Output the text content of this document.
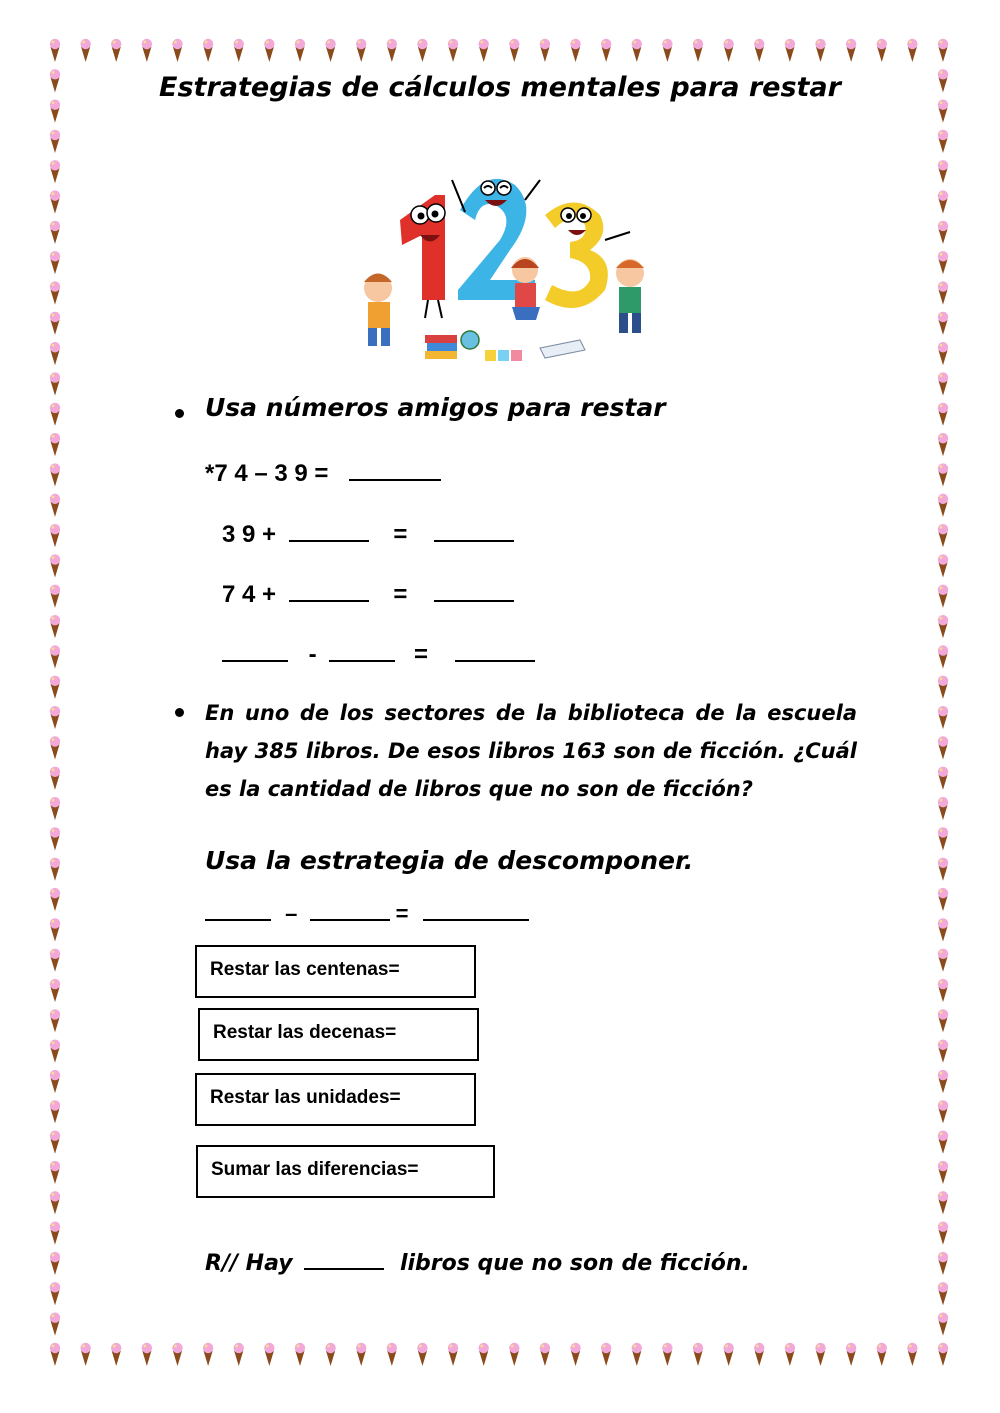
Estrategias de cálculos mentales para restar
Usa números amigos para restar
*7 4 – 3 9 =
3 9 +	=
7 4 +	=
-	=
En uno de los sectores de la biblioteca de la escuela hay 385 libros. De esos libros 163 son de ficción. ¿Cuál es la cantidad de libros que no son de ficción?
Usa la estrategia de descomponer.
–	=
Restar las centenas=
Restar las decenas=
Restar las unidades=
Sumar las diferencias=
R// Hay	libros que no son de ficción.
